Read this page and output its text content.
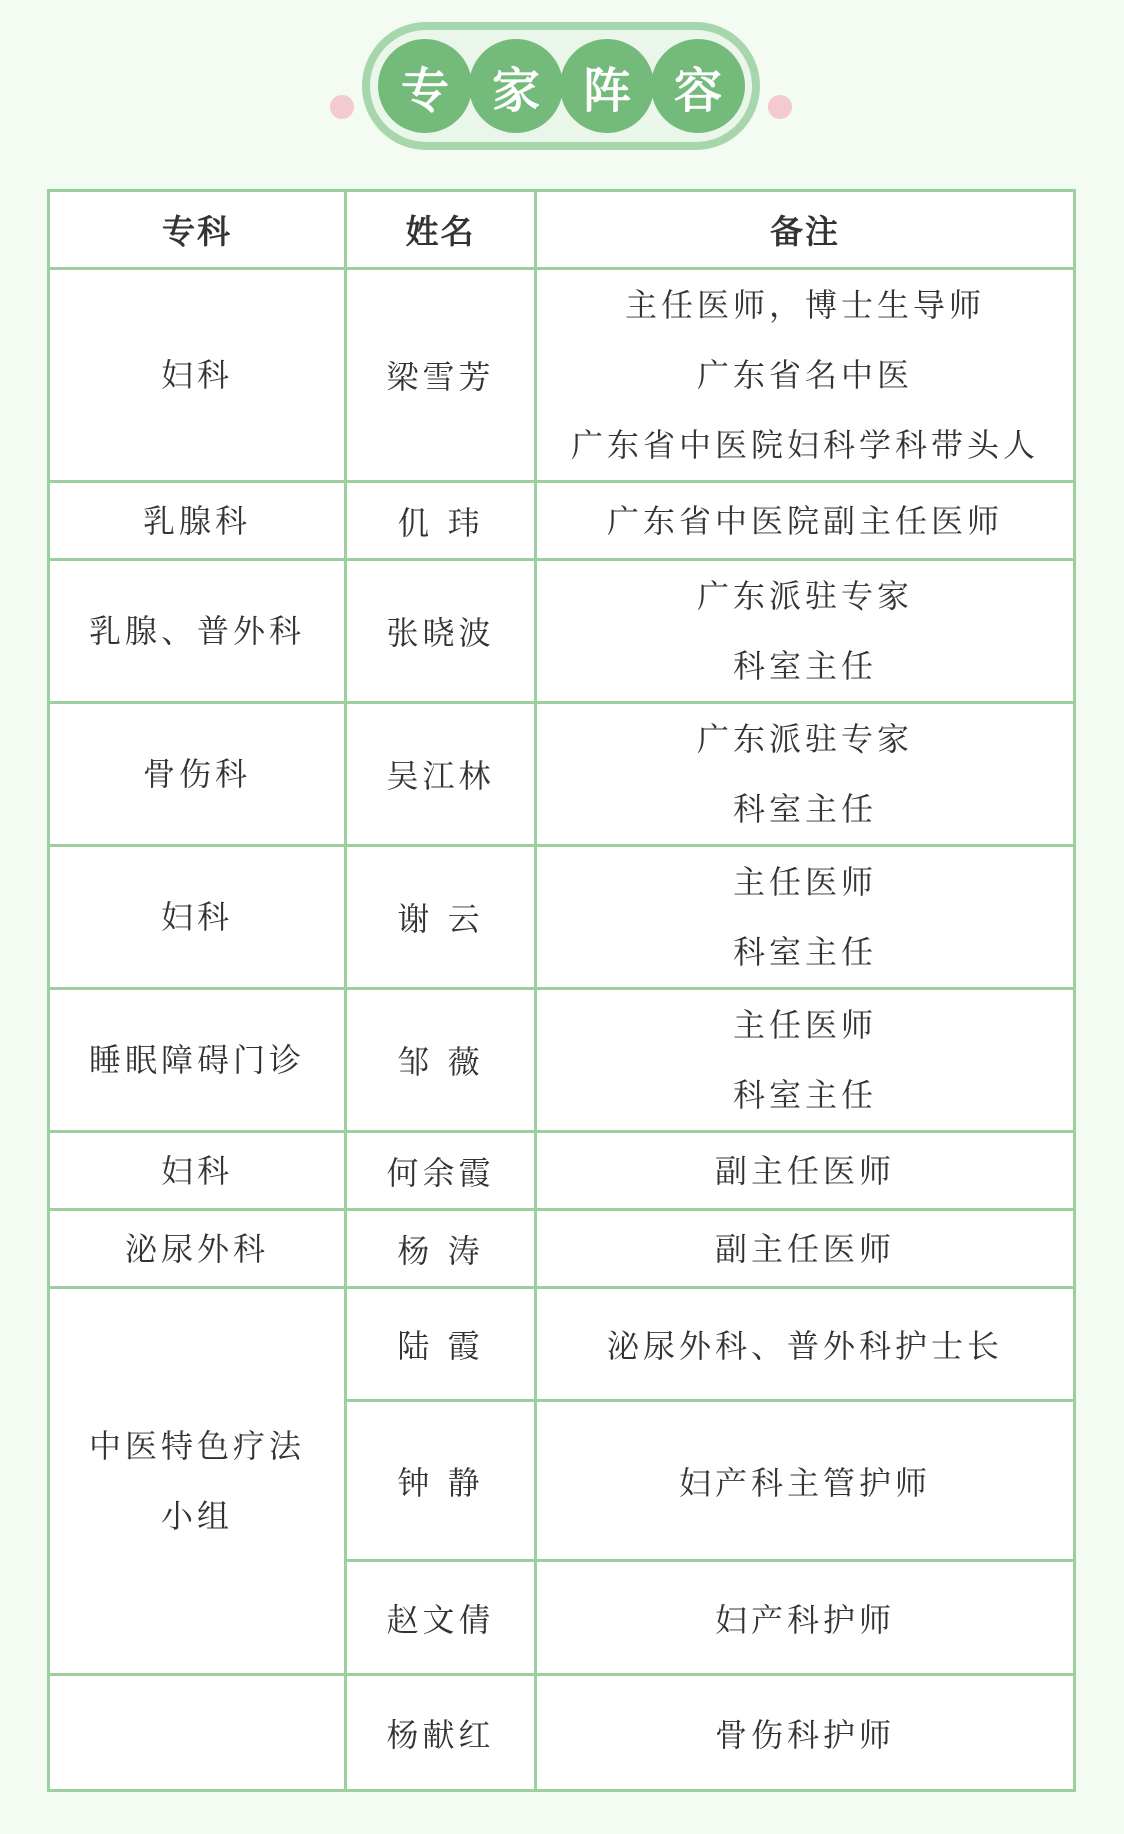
专 家 阵 容
专科	姓名	备注

妇科	梁雪芳	主任医师，博士生导师
广东省名中医
广东省中医院妇科学科带头人

乳腺科	仉 玮	广东省中医院副主任医师

乳腺、普外科	张晓波	广东派驻专家
科室主任

骨伤科	吴江林	广东派驻专家
科室主任

妇科	谢 云	主任医师
科室主任

睡眠障碍门诊	邹 薇	主任医师
科室主任

妇科	何余霞	副主任医师

泌尿外科	杨 涛	副主任医师

中医特色疗法
小组	陆 霞	泌尿外科、普外科护士长
	钟 静	妇产科主管护师
	赵文倩	妇产科护师
	杨献红	骨伤科护师
